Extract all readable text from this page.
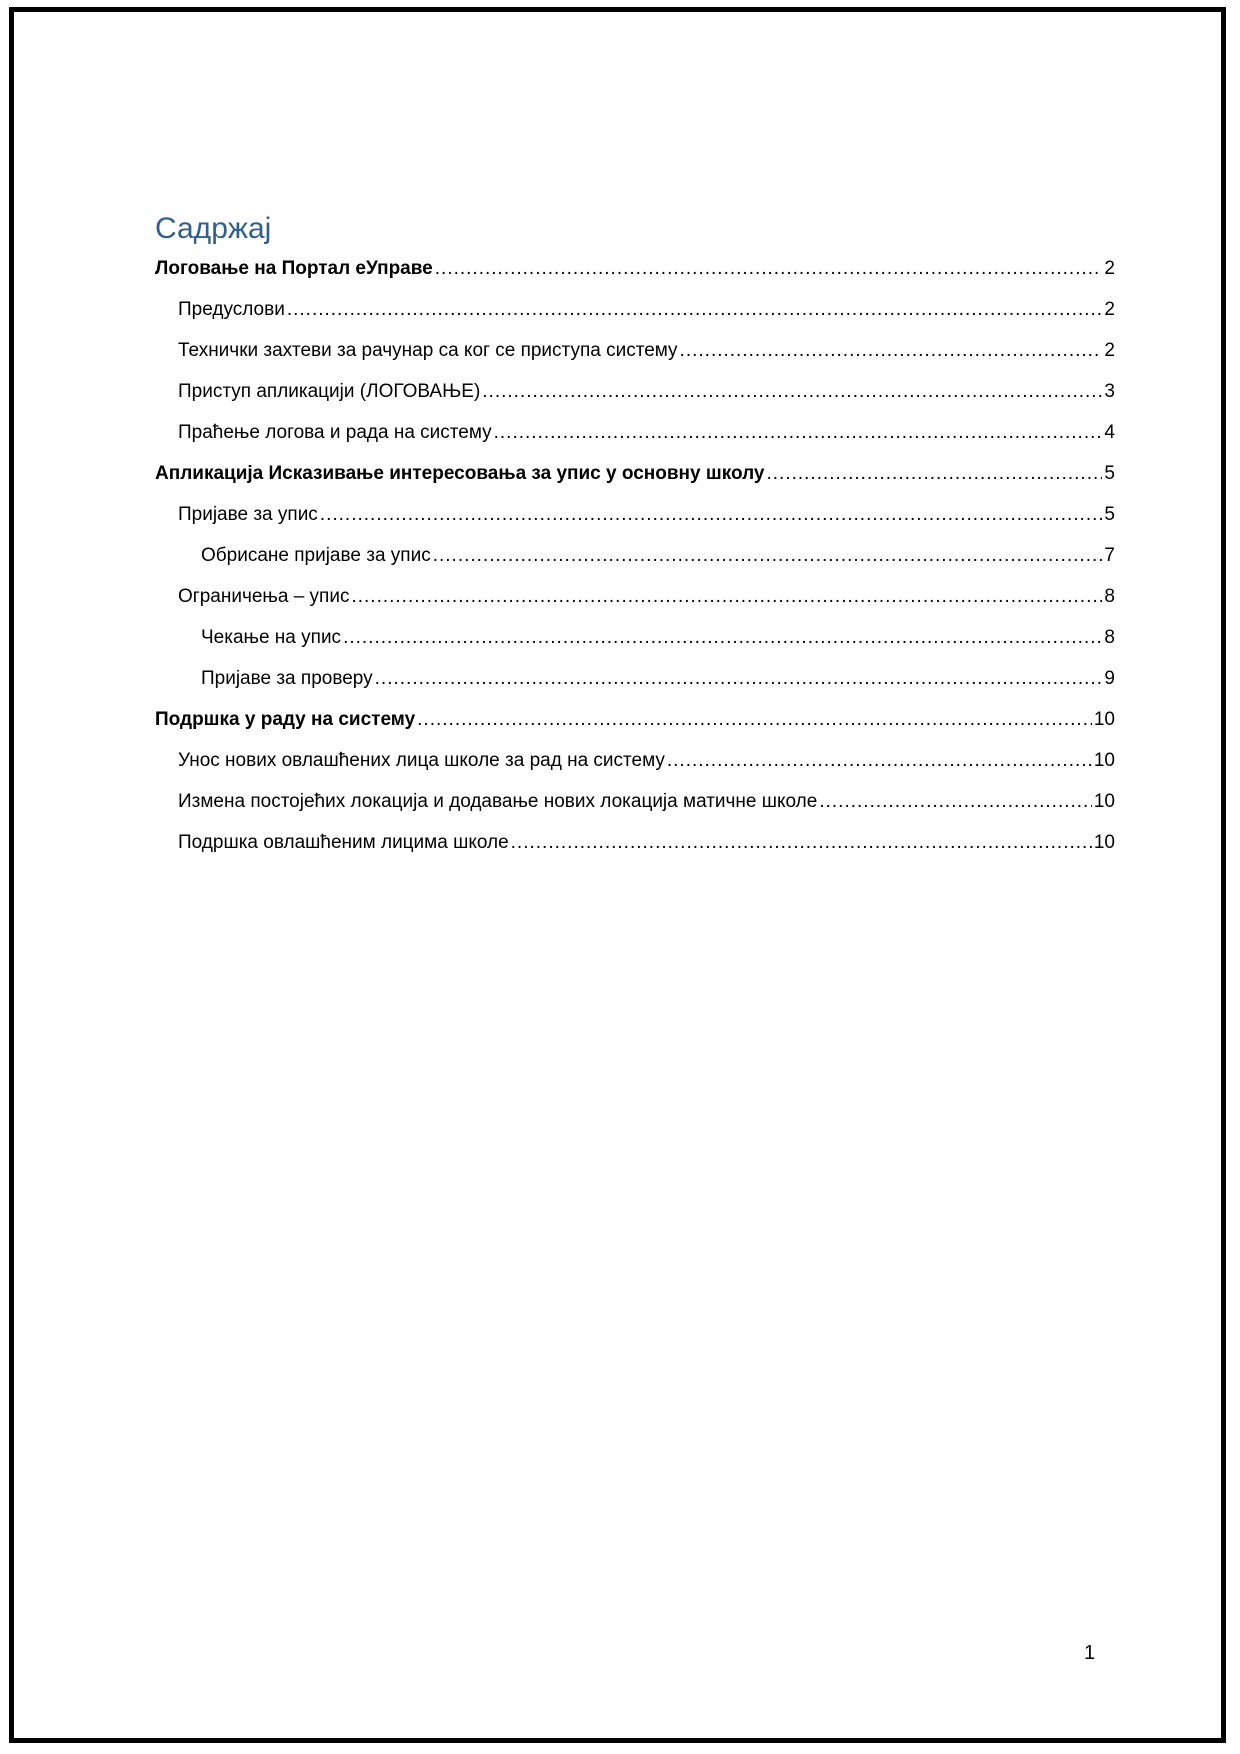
Садржај
Логовање на Портал еУправе .....	2
Предуслови .....	2
Технички захтеви за рачунар са ког се приступа систему .....	2
Приступ апликацији (ЛОГОВАЊЕ) .....	3
Праћење логова и рада на систему .....	4
Апликација Исказивање интересовања за упис у основну школу .....	5
Пријаве за упис .....	5
Обрисане пријаве за упис .....	7
Ограничења – упис .....	8
Чекање на упис .....	8
Пријаве за проверу .....	9
Подршка у раду на систему .....	10
Унос нових овлашћених лица школе за рад на систему .....	10
Измена постојећих локација и додавање нових локација матичне школе .....	10
Подршка овлашћеним лицима школе .....	10
1
